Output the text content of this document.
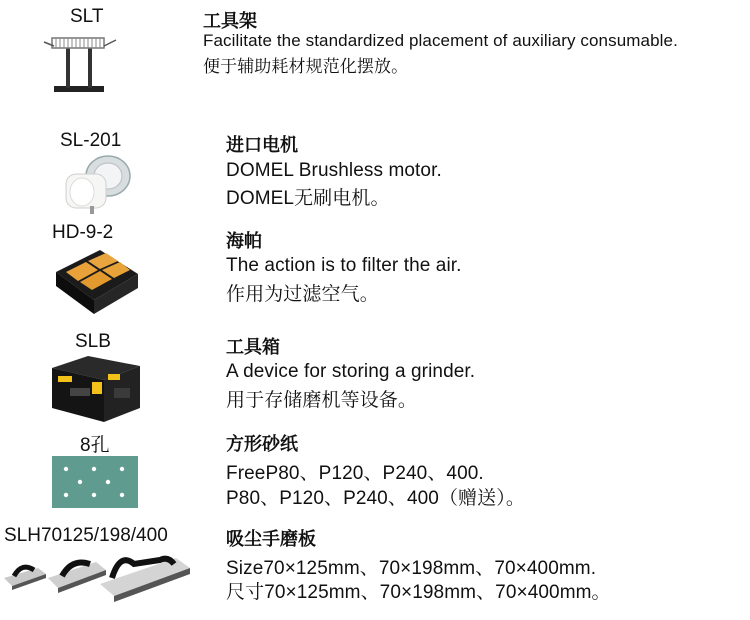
SLT	工具架
Facilitate the standardized placement of auxiliary consumable.
便于辅助耗材规范化摆放。
SL-201	进口电机
DOMEL Brushless motor.
DOMEL无刷电机。
HD-9-2	海帕
The action is to filter the air.
作用为过滤空气。
SLB	工具箱
A device for storing a grinder.
用于存储磨机等设备。
8孔	方形砂纸
FreeP80、P120、P240、400.
P80、P120、P240、400（赠送）。
SLH70125/198/400	吸尘手磨板
Size70×125mm、70×198mm、70×400mm.
尺寸70×125mm、70×198mm、70×400mm。
